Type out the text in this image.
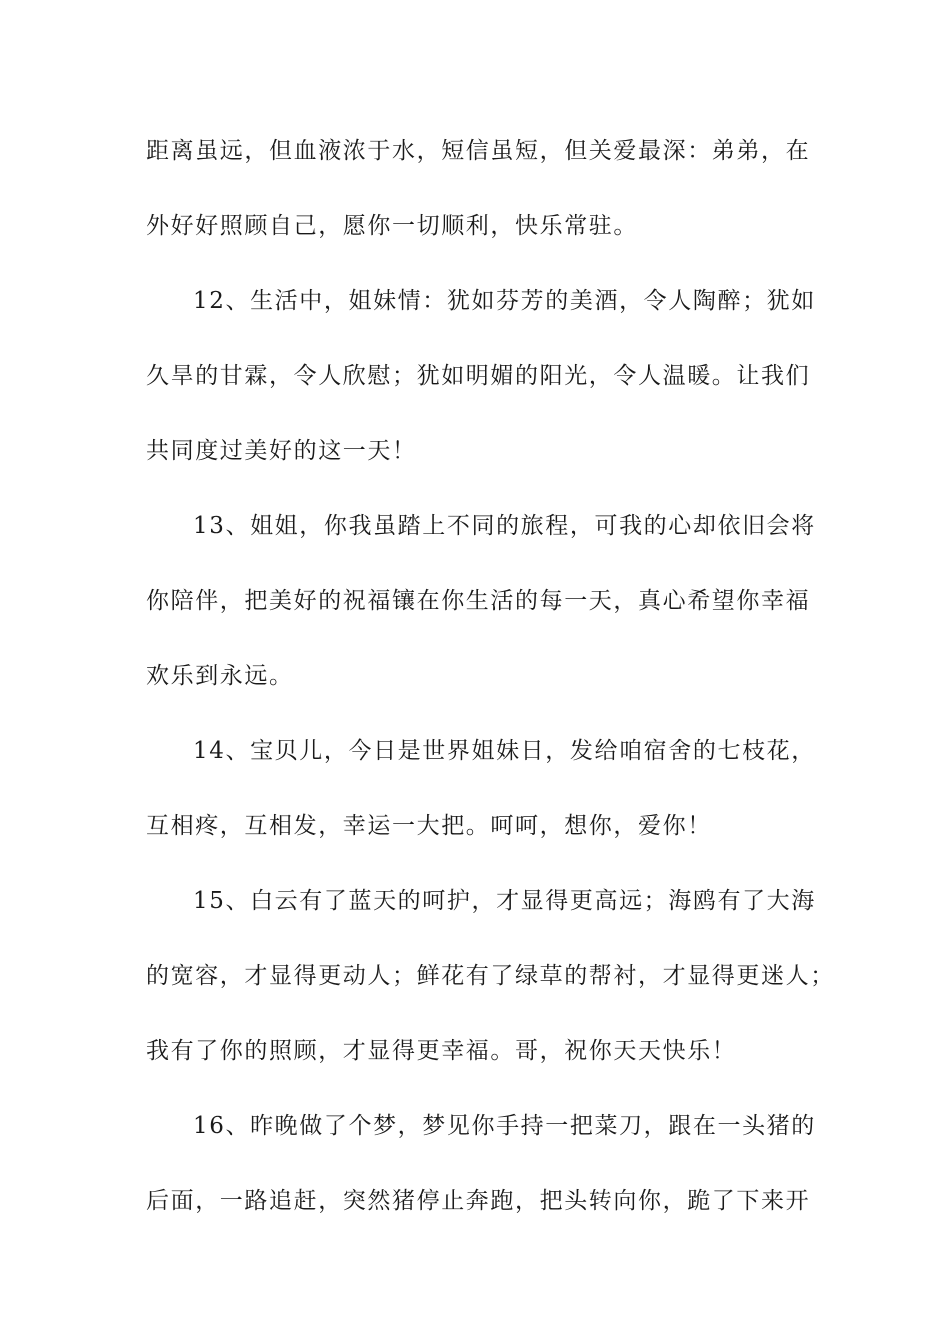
距离虽远，但血液浓于水，短信虽短，但关爱最深：弟弟，在
外好好照顾自己，愿你一切顺利，快乐常驻。
12、生活中，姐妹情：犹如芬芳的美酒，令人陶醉；犹如
久旱的甘霖，令人欣慰；犹如明媚的阳光，令人温暖。让我们
共同度过美好的这一天！
13、姐姐，你我虽踏上不同的旅程，可我的心却依旧会将
你陪伴，把美好的祝福镶在你生活的每一天，真心希望你幸福
欢乐到永远。
14、宝贝儿，今日是世界姐妹日，发给咱宿舍的七枝花，
互相疼，互相发，幸运一大把。呵呵，想你，爱你！
15、白云有了蓝天的呵护，才显得更高远；海鸥有了大海
的宽容，才显得更动人；鲜花有了绿草的帮衬，才显得更迷人；
我有了你的照顾，才显得更幸福。哥，祝你天天快乐！
16、昨晚做了个梦，梦见你手持一把菜刀，跟在一头猪的
后面，一路追赶，突然猪停止奔跑，把头转向你，跪了下来开
